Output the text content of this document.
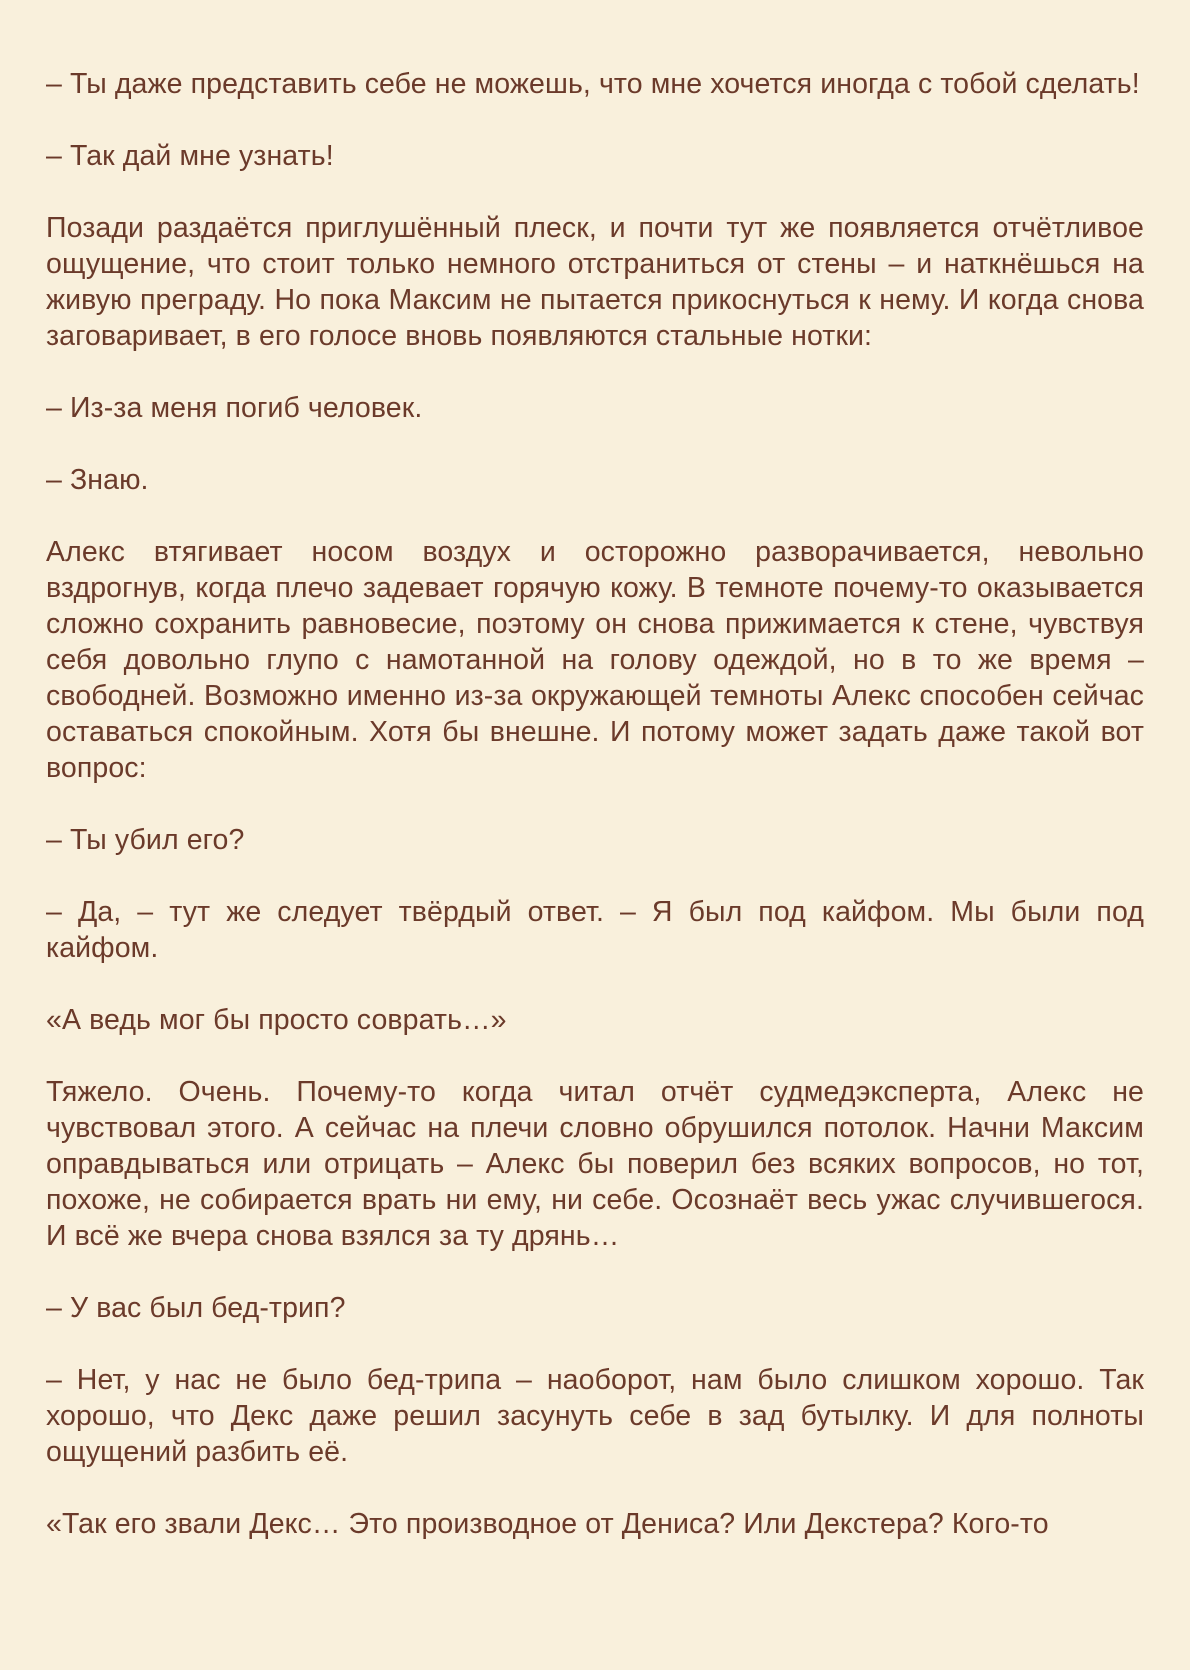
– Ты даже представить себе не можешь, что мне хочется иногда с тобой сделать!

– Так дай мне узнать!

Позади раздаётся приглушённый плеск, и почти тут же появляется отчётливое ощущение, что стоит только немного отстраниться от стены – и наткнёшься на живую преграду. Но пока Максим не пытается прикоснуться к нему. И когда снова заговаривает, в его голосе вновь появляются стальные нотки:

– Из-за меня погиб человек.

– Знаю.

Алекс втягивает носом воздух и осторожно разворачивается, невольно вздрогнув, когда плечо задевает горячую кожу. В темноте почему-то оказывается сложно сохранить равновесие, поэтому он снова прижимается к стене, чувствуя себя довольно глупо с намотанной на голову одеждой, но в то же время – свободней. Возможно именно из-за окружающей темноты Алекс способен сейчас оставаться спокойным. Хотя бы внешне. И потому может задать даже такой вот вопрос:

– Ты убил его?

– Да, – тут же следует твёрдый ответ. – Я был под кайфом. Мы были под кайфом.

«А ведь мог бы просто соврать…»

Тяжело. Очень. Почему-то когда читал отчёт судмедэксперта, Алекс не чувствовал этого. А сейчас на плечи словно обрушился потолок. Начни Максим оправдываться или отрицать – Алекс бы поверил без всяких вопросов, но тот, похоже, не собирается врать ни ему, ни себе. Осознаёт весь ужас случившегося. И всё же вчера снова взялся за ту дрянь…

– У вас был бед-трип?

– Нет, у нас не было бед-трипа – наоборот, нам было слишком хорошо. Так хорошо, что Декс даже решил засунуть себе в зад бутылку. И для полноты ощущений разбить её.

«Так его звали Декс… Это производное от Дениса? Или Декстера? Кого-то
